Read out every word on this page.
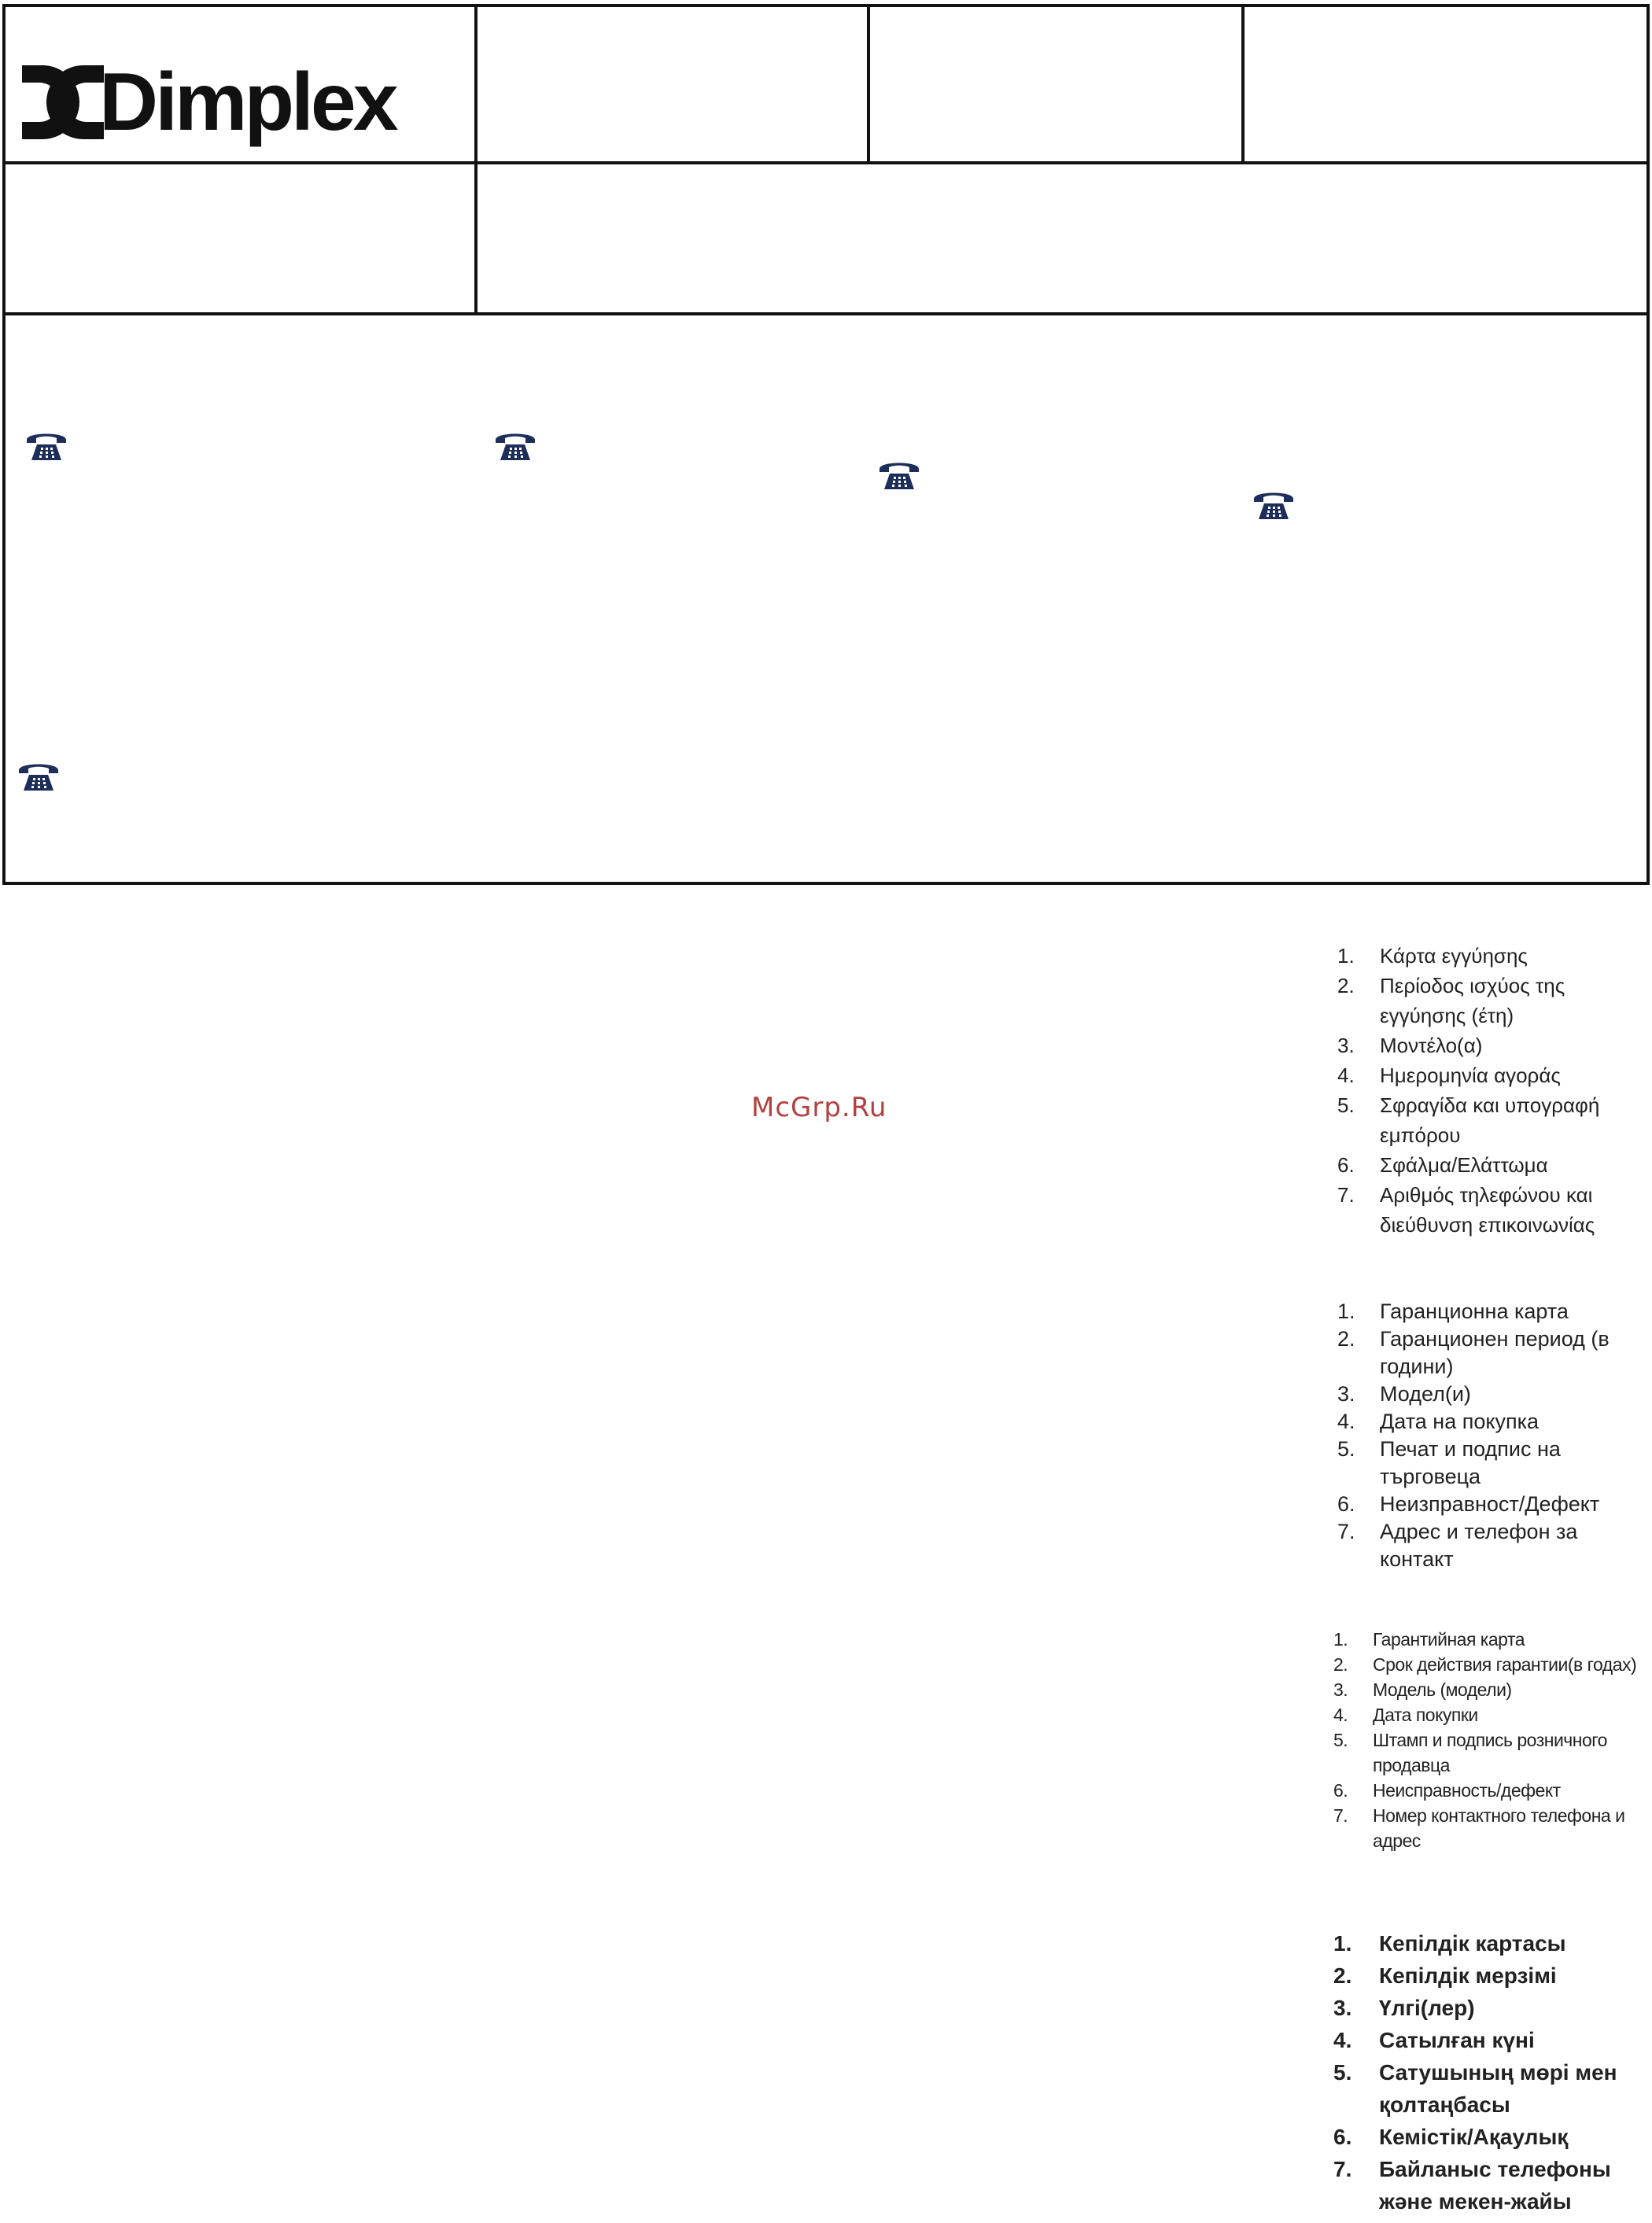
Dimplex
McGrp.Ru
1.	Κάρτα εγγύησης
2.	Περίοδος ισχύος της εγγύησης (έτη)
3.	Μοντέλο(α)
4.	Ημερομηνία αγοράς
5.	Σφραγίδα και υπογραφή εμπόρου
6.	Σφάλμα/Ελάττωμα
7.	Αριθμός τηλεφώνου και διεύθυνση επικοινωνίας
1.	Гаранционна карта
2.	Гаранционен период (в години)
3.	Модел(и)
4.	Дата на покупка
5.	Печат и подпис на търговеца
6.	Неизправност/Дефект
7.	Адрес и телефон за контакт
1.	Гарантийная карта
2.	Срок действия гарантии(в годах)
3.	Модель (модели)
4.	Дата покупки
5.	Штамп и подпись розничного продавца
6.	Неисправность/дефект
7.	Номер контактного телефона и адрес
1.	Кепілдік картасы
2.	Кепілдік мерзімі
3.	Үлгі(лер)
4.	Сатылған күні
5.	Сатушының мөрі мен қолтаңбасы
6.	Кемістік/Ақаулық
7.	Байланыс телефоны және мекен-жайы
